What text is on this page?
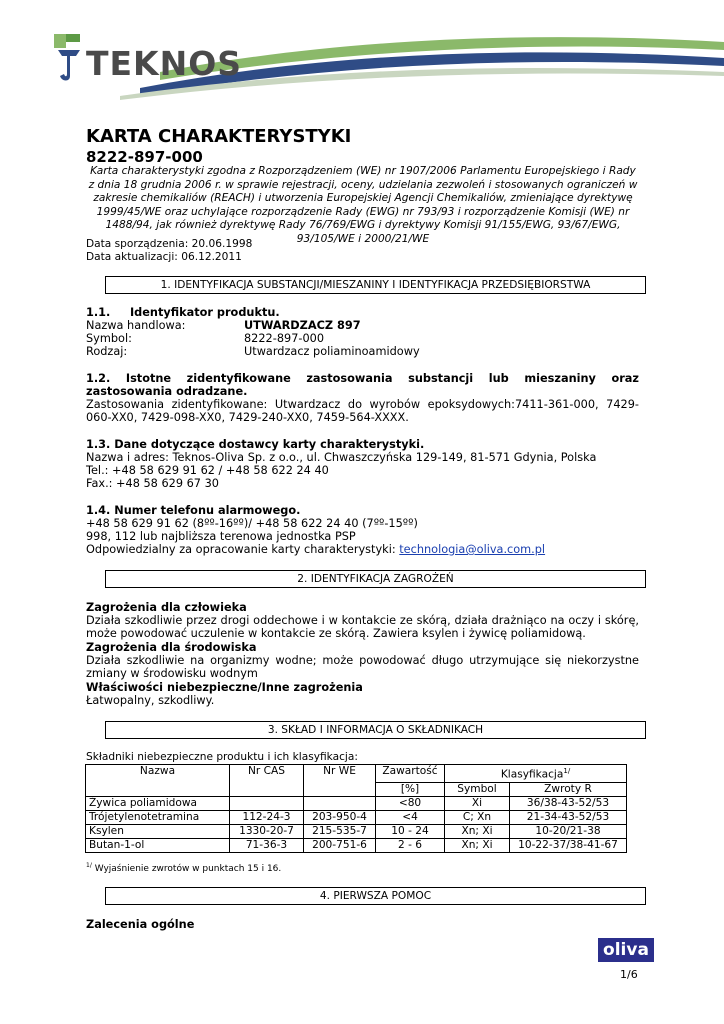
TEKNOS
KARTA CHARAKTERYSTYKI
8222-897-000
Karta charakterystyki zgodna z Rozporządzeniem (WE) nr 1907/2006 Parlamentu Europejskiego i Rady z dnia 18 grudnia 2006 r. w sprawie rejestracji, oceny, udzielania zezwoleń i stosowanych ograniczeń w zakresie chemikaliów (REACH) i utworzenia Europejskiej Agencji Chemikaliów, zmieniające dyrektywę 1999/45/WE oraz uchylające rozporządzenie Rady (EWG) nr 793/93 i rozporządzenie Komisji (WE) nr 1488/94, jak również dyrektywę Rady 76/769/EWG i dyrektywy Komisji 91/155/EWG, 93/67/EWG, 93/105/WE i 2000/21/WE
Data sporządzenia: 20.06.1998
Data aktualizacji: 06.12.2011
1. IDENTYFIKACJA SUBSTANCJI/MIESZANINY I IDENTYFIKACJA PRZEDSIĘBIORSTWA
1.1.     Identyfikator produktu.
Nazwa handlowa:	UTWARDZACZ 897
Symbol:	8222-897-000
Rodzaj:	Utwardzacz poliaminoamidowy
1.2. Istotne zidentyfikowane zastosowania substancji lub mieszaniny oraz zastosowania odradzane.
Zastosowania zidentyfikowane: Utwardzacz do wyrobów epoksydowych:7411-361-000, 7429-060-XX0, 7429-098-XX0, 7429-240-XX0, 7459-564-XXXX.
1.3. Dane dotyczące dostawcy karty charakterystyki.
Nazwa i adres: Teknos-Oliva Sp. z o.o., ul. Chwaszczyńska 129-149, 81-571 Gdynia, Polska
Tel.: +48 58 629 91 62 / +48 58 622 24 40
Fax.: +48 58 629 67 30
1.4. Numer telefonu alarmowego.
+48 58 629 91 62 (8ºº-16ºº)/ +48 58 622 24 40 (7ºº-15ºº)
998, 112 lub najbliższa terenowa jednostka PSP
Odpowiedzialny za opracowanie karty charakterystyki: technologia@oliva.com.pl
2. IDENTYFIKACJA ZAGROŻEŃ
Zagrożenia dla człowieka
Działa szkodliwie przez drogi oddechowe i w kontakcie ze skórą, działa drażniąco na oczy i skórę, może powodować uczulenie w kontakcie ze skórą. Zawiera ksylen i żywicę poliamidową.
Zagrożenia dla środowiska
Działa szkodliwie na organizmy wodne; może powodować długo utrzymujące się niekorzystne zmiany w środowisku wodnym
Właściwości niebezpieczne/Inne zagrożenia
Łatwopalny, szkodliwy.
3. SKŁAD I INFORMACJA O SKŁADNIKACH
Składniki niebezpieczne produktu i ich klasyfikacja:
Nazwa	Nr CAS	Nr WE	Zawartość	Klasyfikacja$^{1/}$
			[%]	Symbol	Zwroty R
Żywica poliamidowa			<80	Xi	36/38-43-52/53
Trójetylenotetramina	112-24-3	203-950-4	<4	C; Xn	21-34-43-52/53
Ksylen	1330-20-7	215-535-7	10 - 24	Xn; Xi	10-20/21-38
Butan-1-ol	71-36-3	200-751-6	2 - 6	Xn; Xi	10-22-37/38-41-67
$^{1/}$ Wyjaśnienie zwrotów w punktach 15 i 16.
4. PIERWSZA POMOC
Zalecenia ogólne
oliva
1/6
